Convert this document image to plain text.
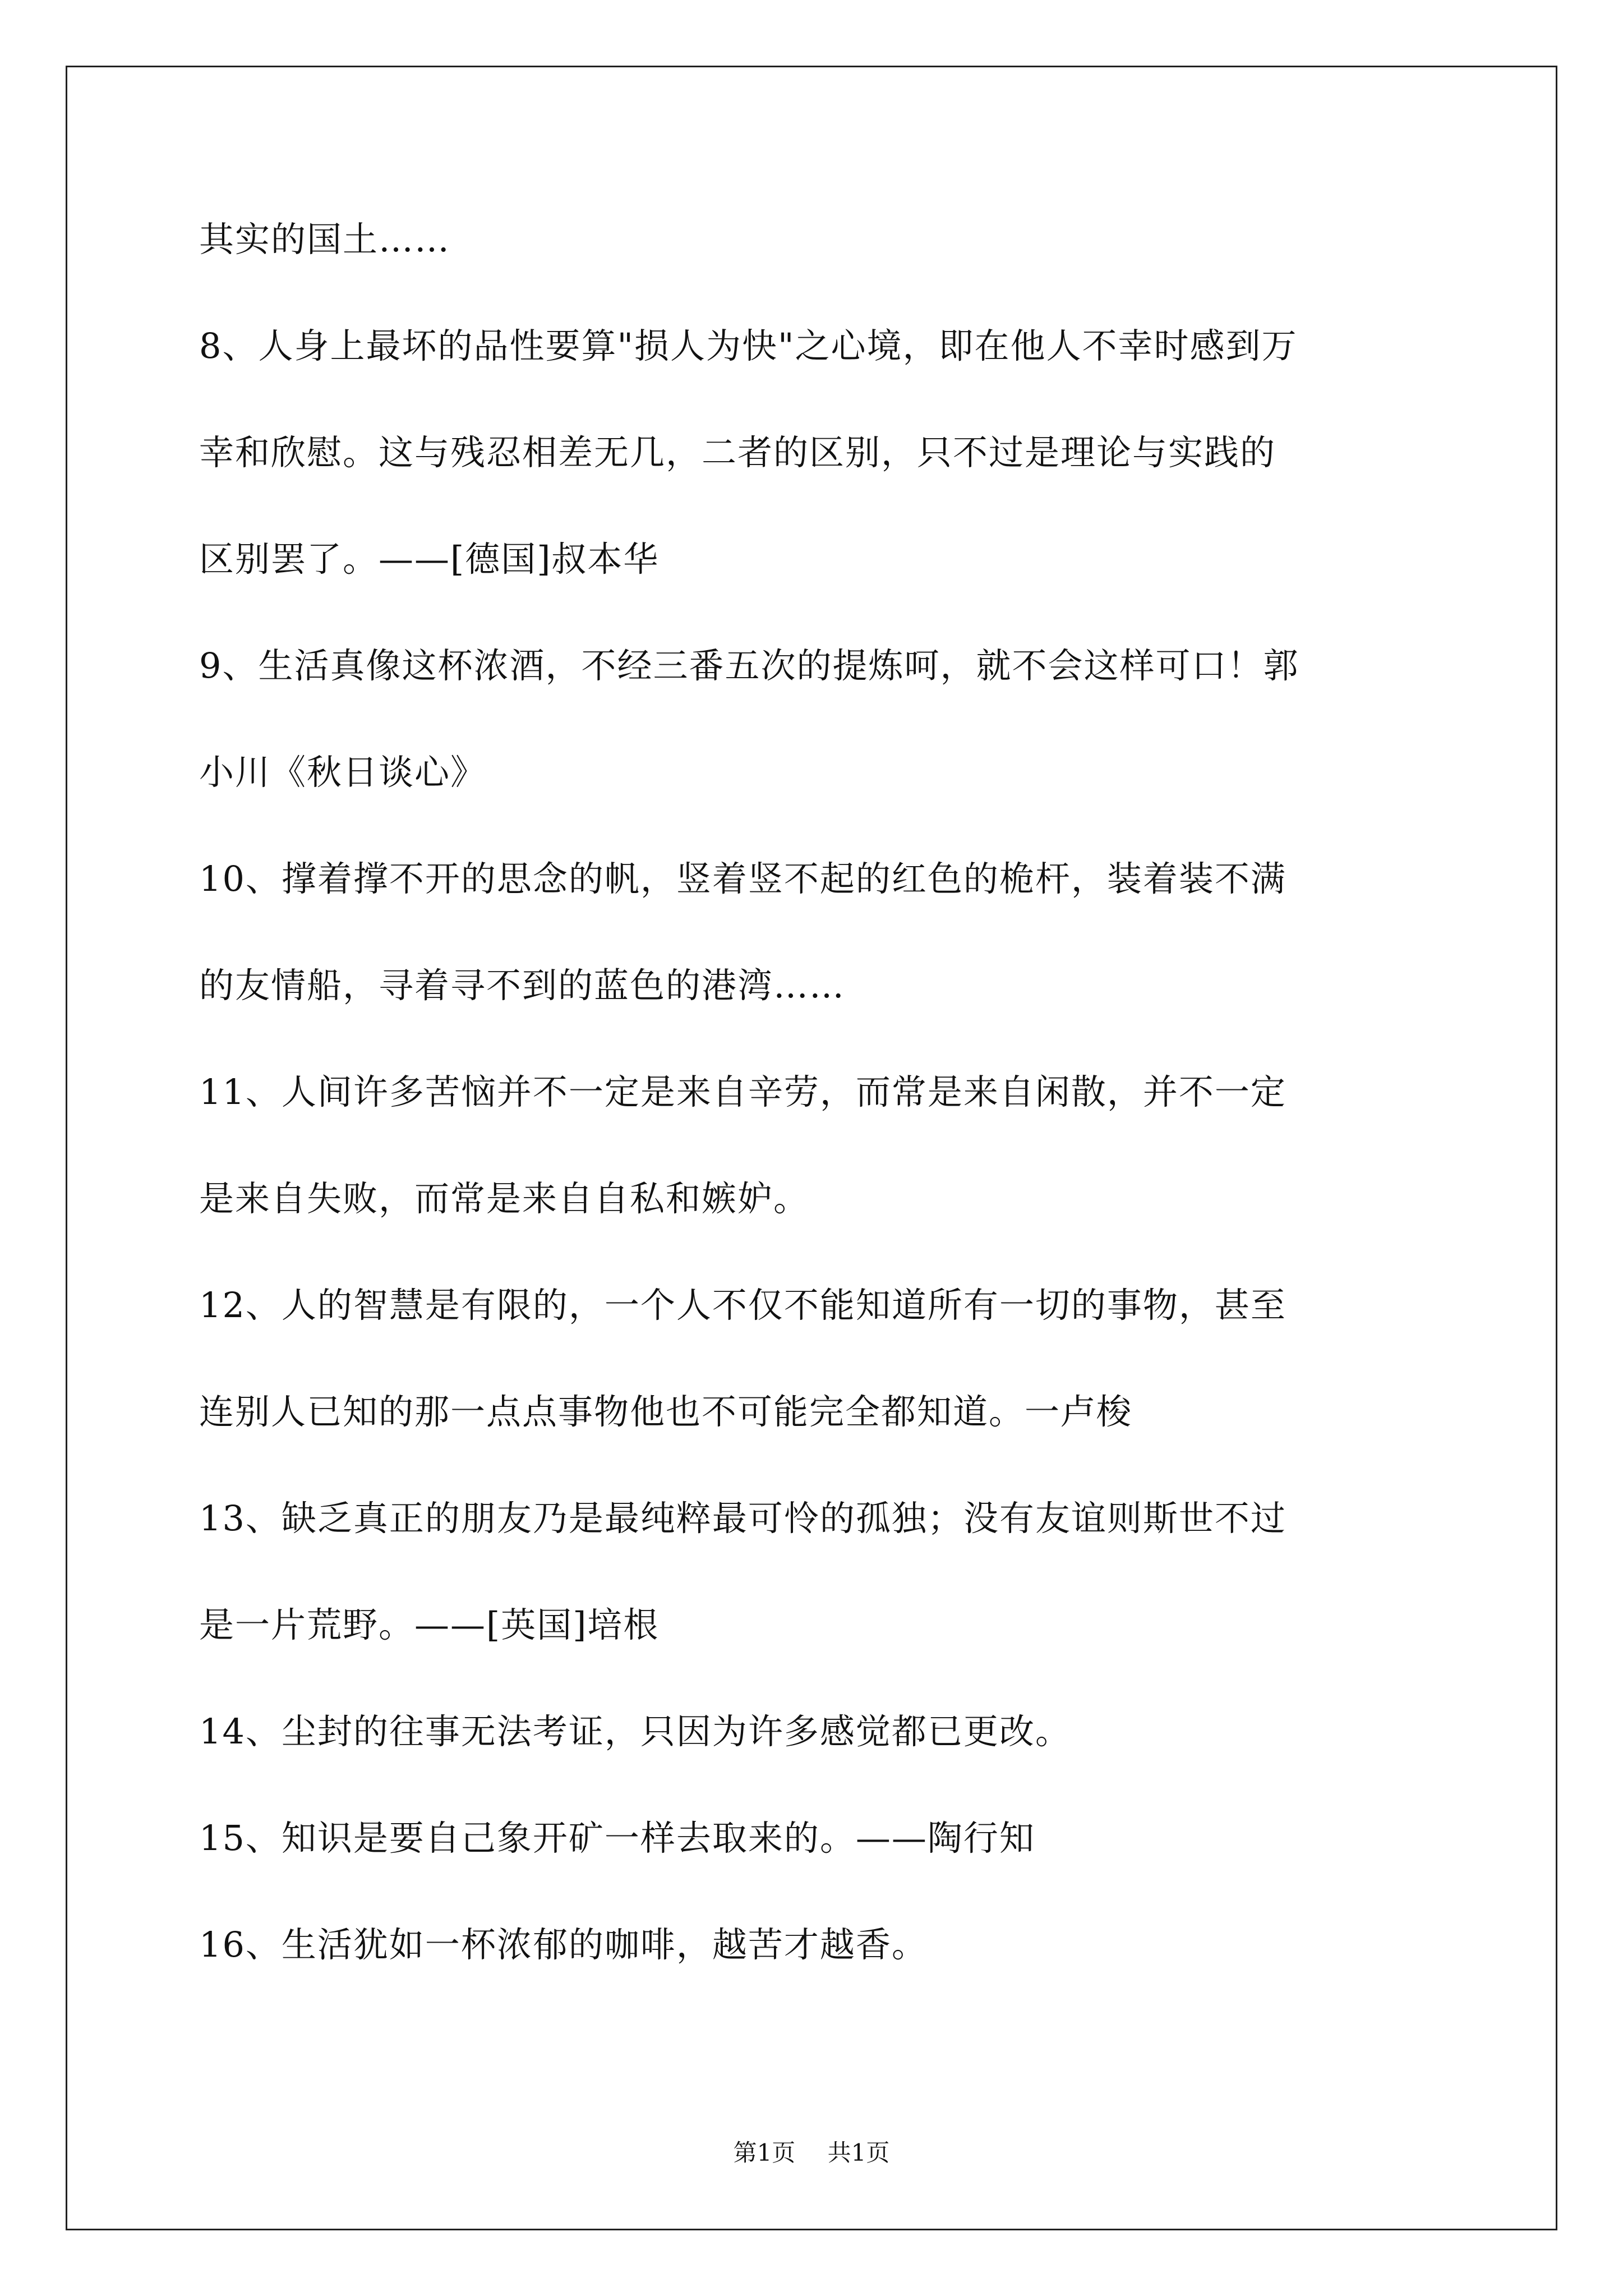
其实的国土……
8、人身上最坏的品性要算"损人为快"之心境，即在他人不幸时感到万
幸和欣慰。这与残忍相差无几，二者的区别，只不过是理论与实践的
区别罢了。——[德国]叔本华
9、生活真像这杯浓酒，不经三番五次的提炼呵，就不会这样可口！郭
小川《秋日谈心》
10、撑着撑不开的思念的帆，竖着竖不起的红色的桅杆，装着装不满
的友情船，寻着寻不到的蓝色的港湾……
11、人间许多苦恼并不一定是来自辛劳，而常是来自闲散，并不一定
是来自失败，而常是来自自私和嫉妒。
12、人的智慧是有限的，一个人不仅不能知道所有一切的事物，甚至
连别人已知的那一点点事物他也不可能完全都知道。一卢梭
13、缺乏真正的朋友乃是最纯粹最可怜的孤独；没有友谊则斯世不过
是一片荒野。——[英国]培根
14、尘封的往事无法考证，只因为许多感觉都已更改。
15、知识是要自己象开矿一样去取来的。——陶行知
16、生活犹如一杯浓郁的咖啡，越苦才越香。
第1页 共1页
